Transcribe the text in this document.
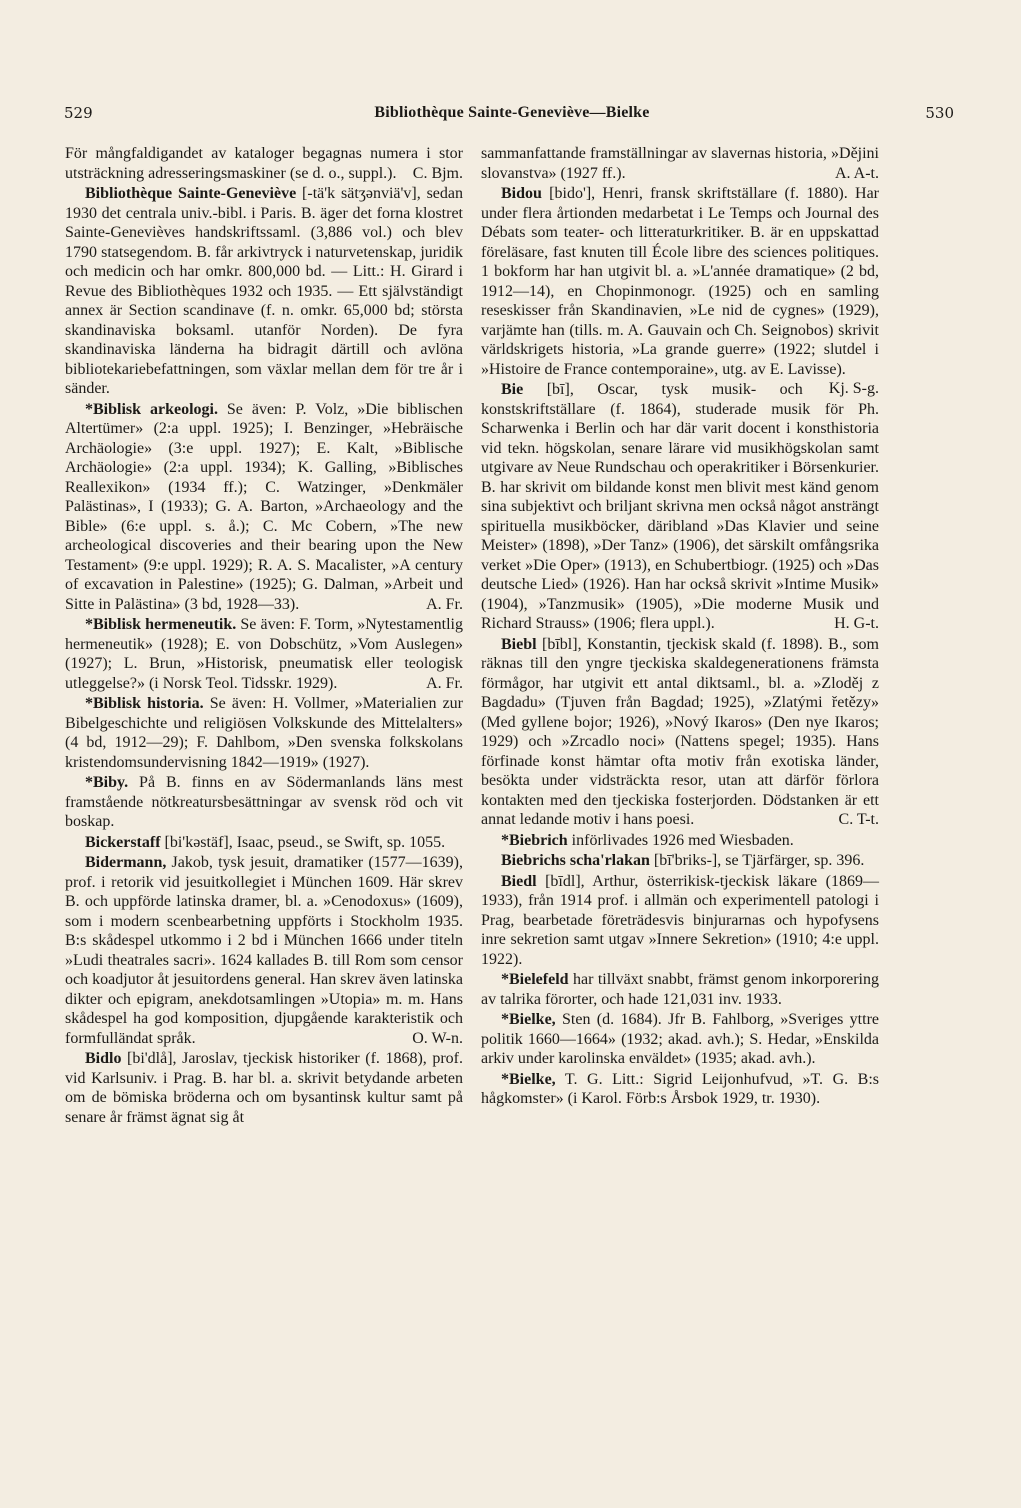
529	Bibliothèque Sainte-Geneviève—Bielke	530

För mångfaldigandet av kataloger begagnas numera i stor utsträckning adresseringsmaskiner (se d. o., suppl.). C. Bjm.

Bibliothèque Sainte-Geneviève [-tä'k sätʒənviä'v], sedan 1930 det centrala univ.-bibl. i Paris. B. äger det forna klostret Sainte-Genevièves handskriftssaml. (3,886 vol.) och blev 1790 statsegendom. B. får arkivtryck i naturvetenskap, juridik och medicin och har omkr. 800,000 bd. — Litt.: H. Girard i Revue des Bibliothèques 1932 och 1935. — Ett självständigt annex är Section scandinave (f. n. omkr. 65,000 bd; största skandinaviska boksaml. utanför Norden). De fyra skandinaviska länderna ha bidragit därtill och avlöna bibliotekariebefattningen, som växlar mellan dem för tre år i sänder.

*Biblisk arkeologi. Se även: P. Volz, »Die biblischen Altertümer» (2:a uppl. 1925); I. Benzinger, »Hebräische Archäologie» (3:e uppl. 1927); E. Kalt, »Biblische Archäologie» (2:a uppl. 1934); K. Galling, »Biblisches Reallexikon» (1934 ff.); C. Watzinger, »Denkmäler Palästinas», I (1933); G. A. Barton, »Archaeology and the Bible» (6:e uppl. s. å.); C. Mc Cobern, »The new archeological discoveries and their bearing upon the New Testament» (9:e uppl. 1929); R. A. S. Macalister, »A century of excavation in Palestine» (1925); G. Dalman, »Arbeit und Sitte in Palästina» (3 bd, 1928—33).	A. Fr.

*Biblisk hermeneutik. Se även: F. Torm, »Nytestamentlig hermeneutik» (1928); E. von Dobschütz, »Vom Auslegen» (1927); L. Brun, »Historisk, pneumatisk eller teologisk utleggelse?» (i Norsk Teol. Tidsskr. 1929).	A. Fr.

*Biblisk historia. Se även: H. Vollmer, »Materialien zur Bibelgeschichte und religiösen Volkskunde des Mittelalters» (4 bd, 1912—29); F. Dahlbom, »Den svenska folkskolans kristendomsundervisning 1842—1919» (1927).

*Biby. På B. finns en av Södermanlands läns mest framstående nötkreatursbesättningar av svensk röd och vit boskap.

Bickerstaff [bi'kəstäf], Isaac, pseud., se Swift, sp. 1055.

Bidermann, Jakob, tysk jesuit, dramatiker (1577—1639), prof. i retorik vid jesuitkollegiet i München 1609. Här skrev B. och uppförde latinska dramer, bl. a. »Cenodoxus» (1609), som i modern scenbearbetning uppförts i Stockholm 1935. B:s skådespel utkommo i 2 bd i München 1666 under titeln »Ludi theatrales sacri». 1624 kallades B. till Rom som censor och koadjutor åt jesuitordens general. Han skrev även latinska dikter och epigram, anekdotsamlingen »Utopia» m. m. Hans skådespel ha god komposition, djupgående karakteristik och formfulländat språk.	O. W-n.

Bidlo [bi'dlå], Jaroslav, tjeckisk historiker (f. 1868), prof. vid Karlsuniv. i Prag. B. har bl. a. skrivit betydande arbeten om de bömiska bröderna och om bysantinsk kultur samt på senare år främst ägnat sig åt

sammanfattande framställningar av slavernas historia, »Dějini slovanstva» (1927 ff.).	A. A-t.

Bidou [bido'], Henri, fransk skriftställare (f. 1880). Har under flera årtionden medarbetat i Le Temps och Journal des Débats som teater- och litteraturkritiker. B. är en uppskattad föreläsare, fast knuten till École libre des sciences politiques. 1 bokform har han utgivit bl. a. »L'année dramatique» (2 bd, 1912—14), en Chopinmonogr. (1925) och en samling reseskisser från Skandinavien, »Le nid de cygnes» (1929), varjämte han (tills. m. A. Gauvain och Ch. Seignobos) skrivit världskrigets historia, »La grande guerre» (1922; slutdel i »Histoire de France contemporaine», utg. av E. Lavisse).
Kj. S-g.

Bie [bī], Oscar, tysk musik- och konstskriftställare (f. 1864), studerade musik för Ph. Scharwenka i Berlin och har där varit docent i konsthistoria vid tekn. högskolan, senare lärare vid musikhögskolan samt utgivare av Neue Rundschau och operakritiker i Börsenkurier. B. har skrivit om bildande konst men blivit mest känd genom sina subjektivt och briljant skrivna men också något ansträngt spirituella musikböcker, däribland »Das Klavier und seine Meister» (1898), »Der Tanz» (1906), det särskilt omfångsrika verket »Die Oper» (1913), en Schubertbiogr. (1925) och »Das deutsche Lied» (1926). Han har också skrivit »Intime Musik» (1904), »Tanzmusik» (1905), »Die moderne Musik und Richard Strauss» (1906; flera uppl.).	H. G-t.

Biebl [bībl], Konstantin, tjeckisk skald (f. 1898). B., som räknas till den yngre tjeckiska skaldegenerationens främsta förmågor, har utgivit ett antal diktsaml., bl. a. »Zloděj z Bagdadu» (Tjuven från Bagdad; 1925), »Zlatými řetězy» (Med gyllene bojor; 1926), »Nový Ikaros» (Den nye Ikaros; 1929) och »Zrcadlo noci» (Nattens spegel; 1935). Hans förfinade konst hämtar ofta motiv från exotiska länder, besökta under vidsträckta resor, utan att därför förlora kontakten med den tjeckiska fosterjorden. Dödstanken är ett annat ledande motiv i hans poesi.	C. T-t.

*Biebrich införlivades 1926 med Wiesbaden.

Biebrichs scha'rlakan [bī'briks-], se Tjärfärger, sp. 396.

Biedl [bīdl], Arthur, österrikisk-tjeckisk läkare (1869—1933), från 1914 prof. i allmän och experimentell patologi i Prag, bearbetade företrädesvis binjurarnas och hypofysens inre sekretion samt utgav »Innere Sekretion» (1910; 4:e uppl. 1922).

*Bielefeld har tillväxt snabbt, främst genom inkorporering av talrika förorter, och hade 121,031 inv. 1933.

*Bielke, Sten (d. 1684). Jfr B. Fahlborg, »Sveriges yttre politik 1660—1664» (1932; akad. avh.); S. Hedar, »Enskilda arkiv under karolinska enväldet» (1935; akad. avh.).

*Bielke, T. G. Litt.: Sigrid Leijonhufvud, »T. G. B:s hågkomster» (i Karol. Förb:s Årsbok 1929, tr. 1930).
